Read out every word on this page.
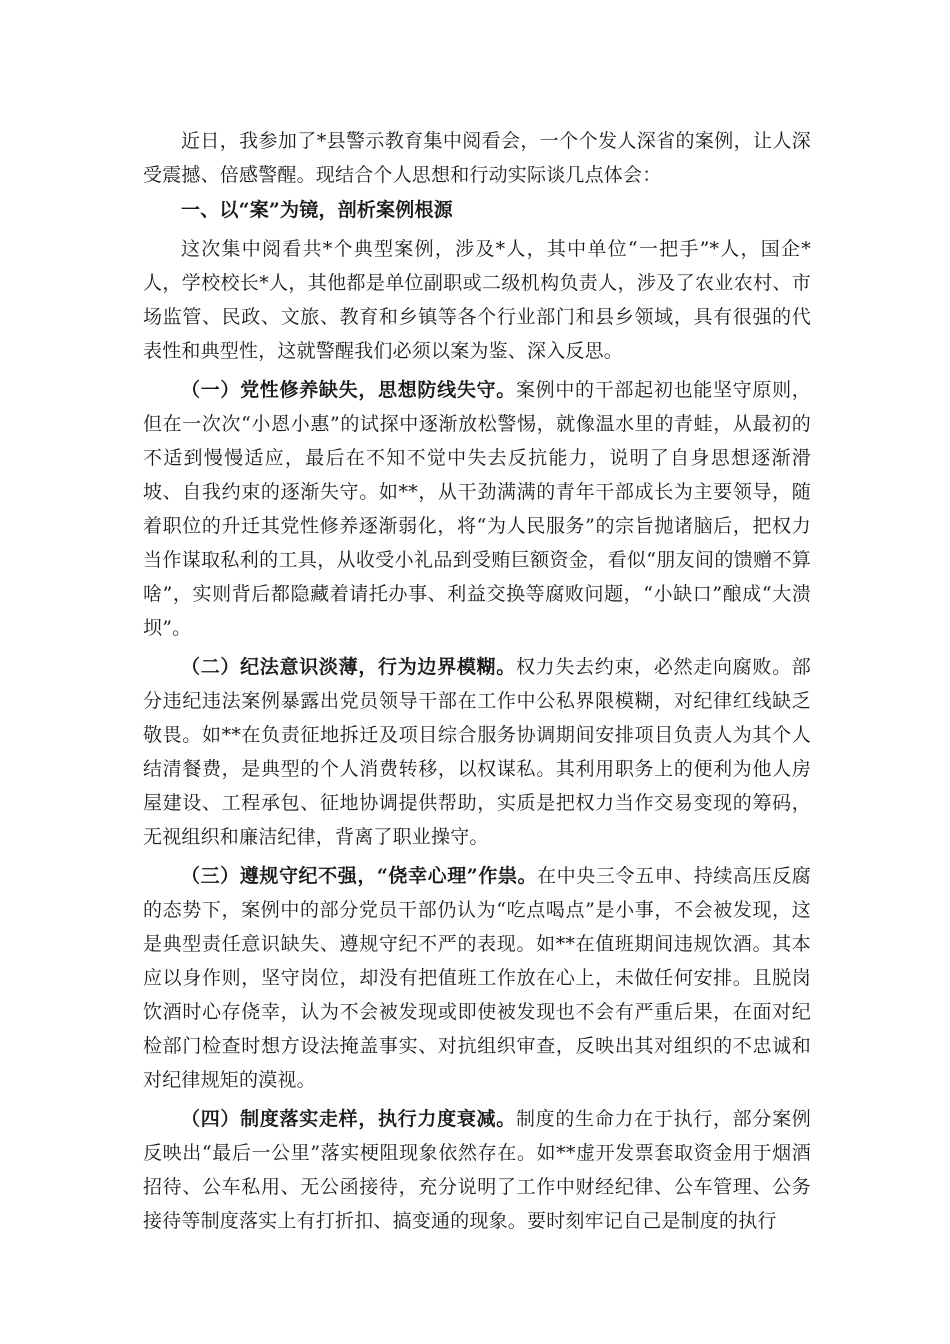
近日，我参加了*县警示教育集中阅看会，一个个发人深省的案例，让人深受震撼、倍感警醒。现结合个人思想和行动实际谈几点体会：

一、以“案”为镜，剖析案例根源

这次集中阅看共*个典型案例，涉及*人，其中单位“一把手”*人，国企*人，学校校长*人，其他都是单位副职或二级机构负责人，涉及了农业农村、市场监管、民政、文旅、教育和乡镇等各个行业部门和县乡领域，具有很强的代表性和典型性，这就警醒我们必须以案为鉴、深入反思。

（一）党性修养缺失，思想防线失守。案例中的干部起初也能坚守原则，但在一次次“小恩小惠”的试探中逐渐放松警惕，就像温水里的青蛙，从最初的不适到慢慢适应，最后在不知不觉中失去反抗能力，说明了自身思想逐渐滑坡、自我约束的逐渐失守。如**，从干劲满满的青年干部成长为主要领导，随着职位的升迁其党性修养逐渐弱化，将“为人民服务”的宗旨抛诸脑后，把权力当作谋取私利的工具，从收受小礼品到受贿巨额资金，看似“朋友间的馈赠不算啥”，实则背后都隐藏着请托办事、利益交换等腐败问题，“小缺口”酿成“大溃坝”。

（二）纪法意识淡薄，行为边界模糊。权力失去约束，必然走向腐败。部分违纪违法案例暴露出党员领导干部在工作中公私界限模糊，对纪律红线缺乏敬畏。如**在负责征地拆迁及项目综合服务协调期间安排项目负责人为其个人结清餐费，是典型的个人消费转移，以权谋私。其利用职务上的便利为他人房屋建设、工程承包、征地协调提供帮助，实质是把权力当作交易变现的筹码，无视组织和廉洁纪律，背离了职业操守。

（三）遵规守纪不强，“侥幸心理”作祟。在中央三令五申、持续高压反腐的态势下，案例中的部分党员干部仍认为“吃点喝点”是小事，不会被发现，这是典型责任意识缺失、遵规守纪不严的表现。如**在值班期间违规饮酒。其本应以身作则，坚守岗位，却没有把值班工作放在心上，未做任何安排。且脱岗饮酒时心存侥幸，认为不会被发现或即使被发现也不会有严重后果，在面对纪检部门检查时想方设法掩盖事实、对抗组织审查，反映出其对组织的不忠诚和对纪律规矩的漠视。

（四）制度落实走样，执行力度衰减。制度的生命力在于执行，部分案例反映出“最后一公里”落实梗阻现象依然存在。如**虚开发票套取资金用于烟酒招待、公车私用、无公函接待，充分说明了工作中财经纪律、公车管理、公务接待等制度落实上有打折扣、搞变通的现象。要时刻牢记自己是制度的执行
